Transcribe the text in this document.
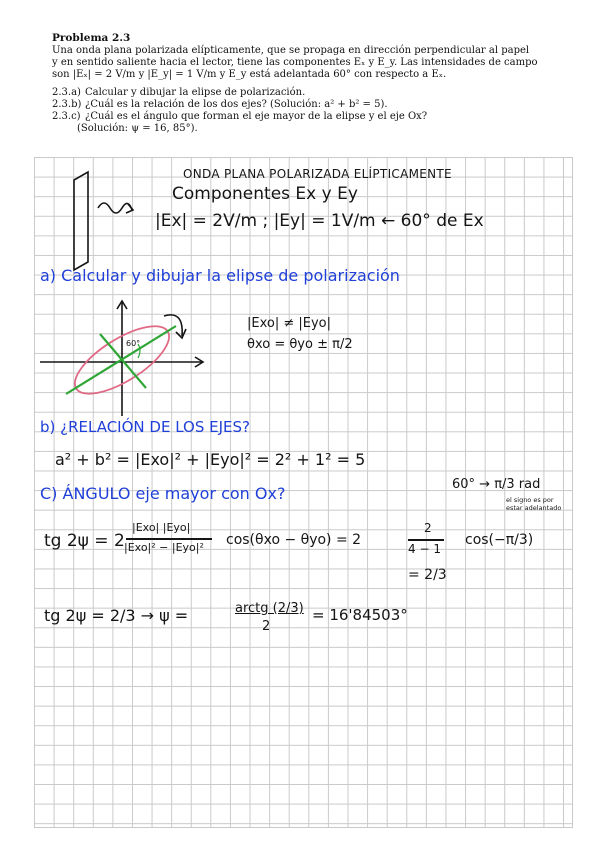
Problema 2.3
Una onda plana polarizada elípticamente, que se propaga en dirección perpendicular al papel
y en sentido saliente hacia el lector, tiene las componentes Eₓ y E_y. Las intensidades de campo
son |Eₓ| = 2 V/m y |E_y| = 1 V/m y E_y está adelantada 60° con respecto a Eₓ.
2.3.a) Calcular y dibujar la elipse de polarización.
2.3.b) ¿Cuál es la relación de los dos ejes? (Solución: a² + b² = 5).
2.3.c) ¿Cuál es el ángulo que forman el eje mayor de la elipse y el eje Ox?
(Solución: ψ = 16, 85°).
ONDA PLANA POLARIZADA ELÍPTICAMENTE
Componentes Ex y Ey
|Ex| = 2V/m ; |Ey| = 1V/m ← 60° de Ex
a) Calcular y dibujar la elipse de polarización
60°
|Exo| ≠ |Eyo|
θxo = θyo ± π/2
b) ¿RELACIÓN DE LOS EJES?
a² + b² = |Exo|² + |Eyo|² = 2² + 1² = 5
60° → π/3 rad
el signo es por estar adelantado
C) ÁNGULO eje mayor con Ox?
tg 2ψ = 2
|Exo| |Eyo|
|Exo|² − |Eyo|² cos(θxo − θyo) = 2
2
4 − 1
cos(−π/3)
= 2/3
tg 2ψ = 2/3 → ψ =	arctg (2/3)
2
= 16'84503°
